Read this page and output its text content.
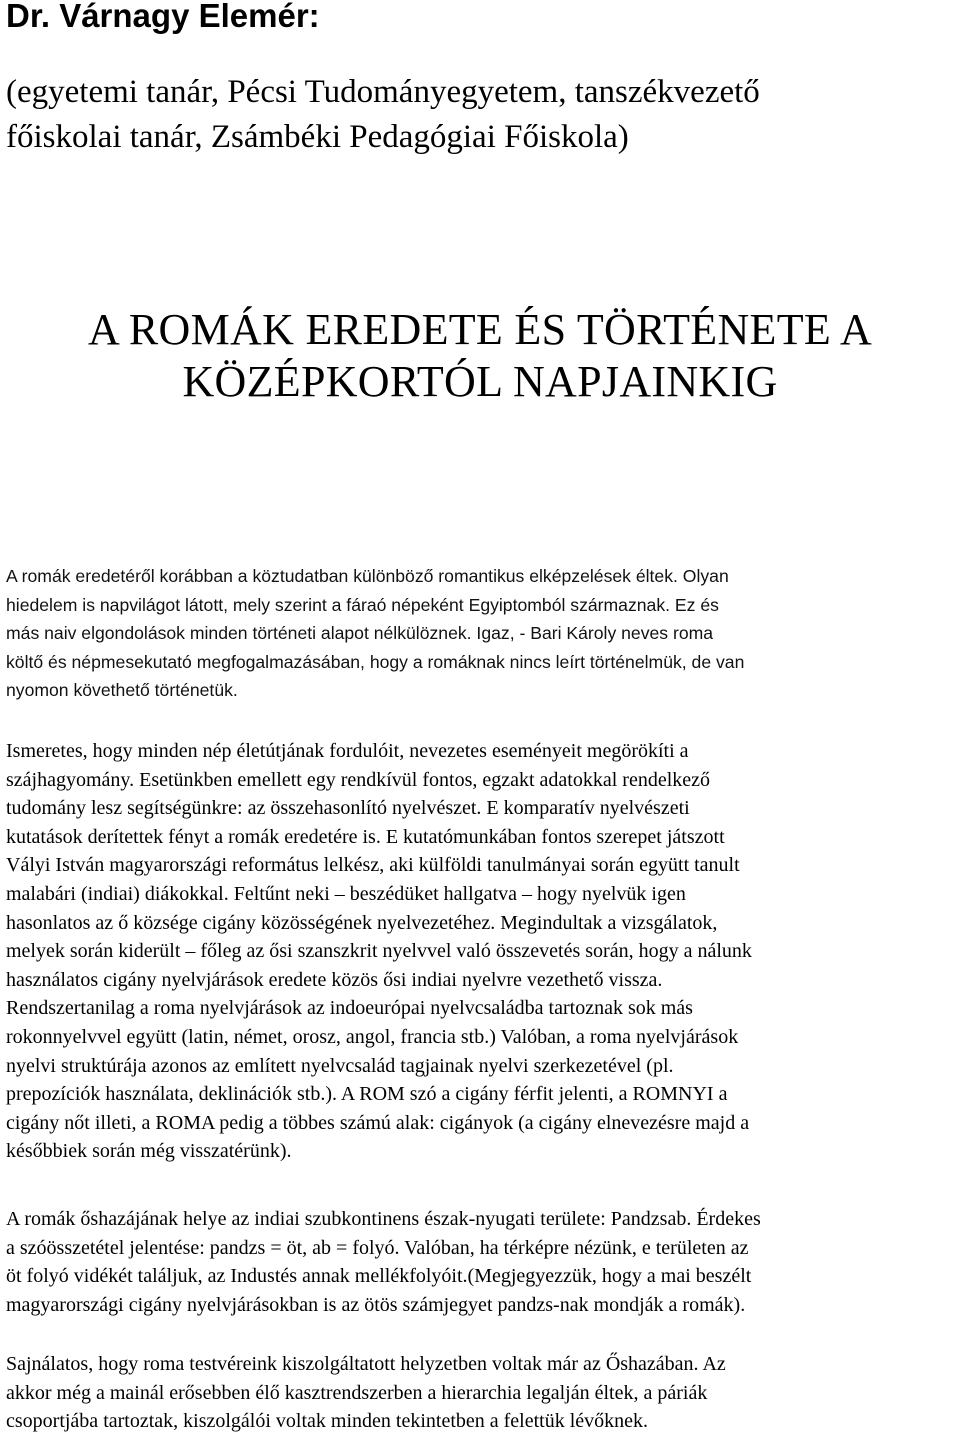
Dr. Várnagy Elemér:
(egyetemi tanár, Pécsi Tudományegyetem, tanszékvezető
főiskolai tanár, Zsámbéki Pedagógiai Főiskola)
A ROMÁK EREDETE ÉS TÖRTÉNETE A
KÖZÉPKORTÓL NAPJAINKIG
A romák eredetéről korábban a köztudatban különböző romantikus elképzelések éltek. Olyan
hiedelem is napvilágot látott, mely szerint a fáraó népeként Egyiptomból származnak. Ez és
más naiv elgondolások minden történeti alapot nélkülöznek. Igaz, - Bari Károly neves roma
költő és népmesekutató megfogalmazásában, hogy a romáknak nincs leírt történelmük, de van
nyomon követhető történetük.
Ismeretes, hogy minden nép életútjának fordulóit, nevezetes eseményeit megörökíti a
szájhagyomány. Esetünkben emellett egy rendkívül fontos, egzakt adatokkal rendelkező
tudomány lesz segítségünkre: az összehasonlító nyelvészet. E komparatív nyelvészeti
kutatások derítettek fényt a romák eredetére is. E kutatómunkában fontos szerepet játszott
Vályi István magyarországi református lelkész, aki külföldi tanulmányai során együtt tanult
malabári (indiai) diákokkal. Feltűnt neki – beszédüket hallgatva – hogy nyelvük igen
hasonlatos az ő községe cigány közösségének nyelvezetéhez. Megindultak a vizsgálatok,
melyek során kiderült – főleg az ősi szanszkrit nyelvvel való összevetés során, hogy a nálunk
használatos cigány nyelvjárások eredete közös ősi indiai nyelvre vezethető vissza.
Rendszertanilag a roma nyelvjárások az indoeurópai nyelvcsaládba tartoznak sok más
rokonnyelvvel együtt (latin, német, orosz, angol, francia stb.) Valóban, a roma nyelvjárások
nyelvi struktúrája azonos az említett nyelvcsalád tagjainak nyelvi szerkezetével (pl.
prepozíciók használata, deklinációk stb.). A ROM szó a cigány férfit jelenti, a ROMNYI a
cigány nőt illeti, a ROMA pedig a többes számú alak: cigányok (a cigány elnevezésre majd a
későbbiek során még visszatérünk).
A romák őshazájának helye az indiai szubkontinens észak-nyugati területe: Pandzsab. Érdekes
a szóösszetétel jelentése: pandzs = öt, ab = folyó. Valóban, ha térképre nézünk, e területen az
öt folyó vidékét találjuk, az Industés annak mellékfolyóit.(Megjegyezzük, hogy a mai beszélt
magyarországi cigány nyelvjárásokban is az ötös számjegyet pandzs-nak mondják a romák).
Sajnálatos, hogy roma testvéreink kiszolgáltatott helyzetben voltak már az Őshazában. Az
akkor még a mainál erősebben élő kasztrendszerben a hierarchia legalján éltek, a páriák
csoportjába tartoztak, kiszolgálói voltak minden tekintetben a felettük lévőknek.
